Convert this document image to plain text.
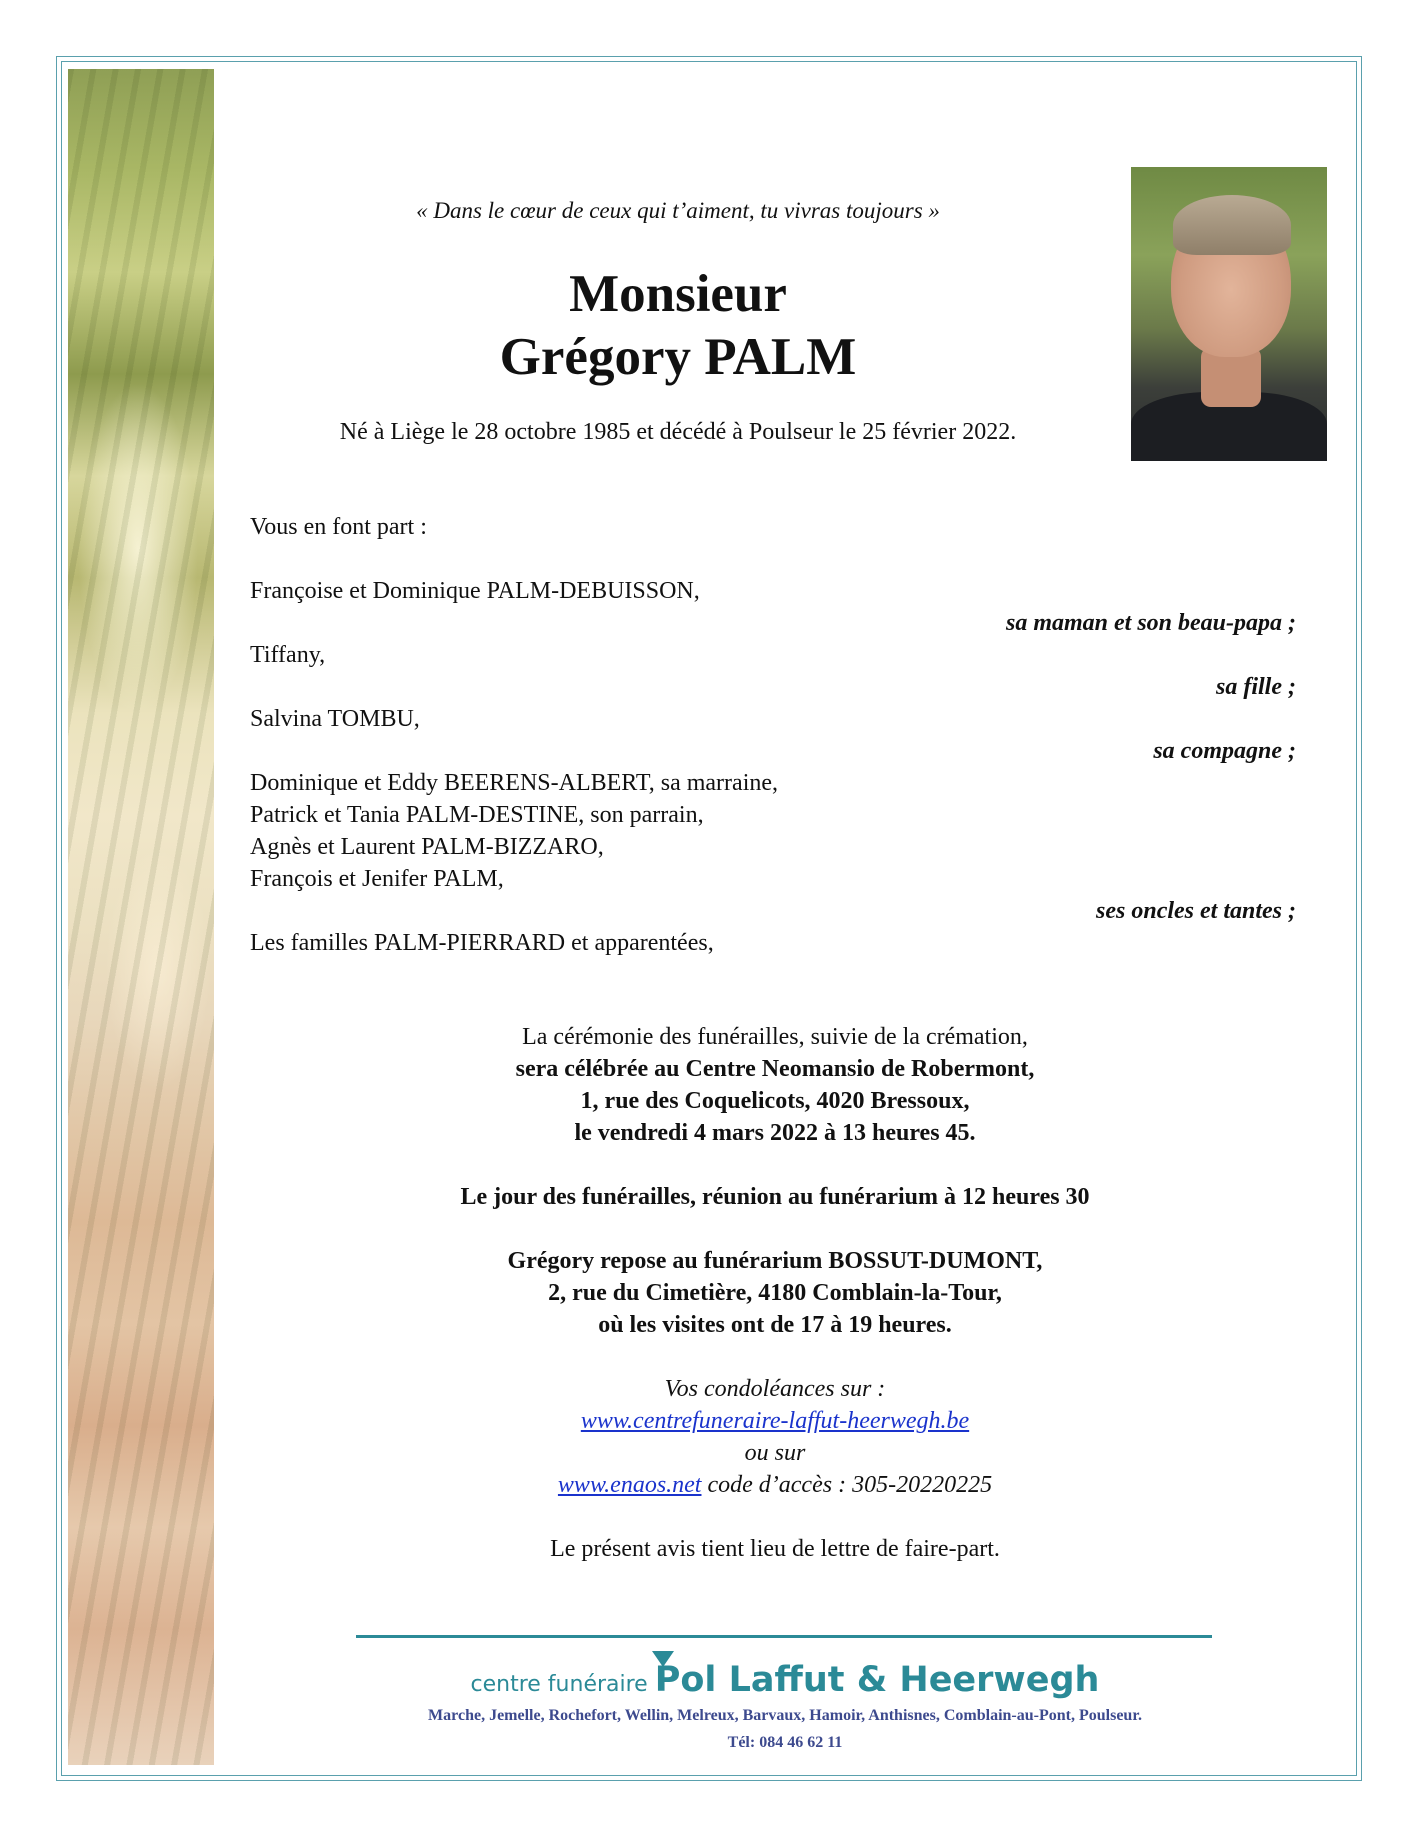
« Dans le cœur de ceux qui t’aiment, tu vivras toujours »
Monsieur
Grégory PALM
Né à Liège le 28 octobre 1985 et décédé à Poulseur le 25 février 2022.
Vous en font part :
Françoise et Dominique PALM-DEBUISSON,
sa maman et son beau-papa ;
Tiffany,
sa fille ;
Salvina TOMBU,
sa compagne ;
Dominique et Eddy BEERENS-ALBERT, sa marraine,
Patrick et Tania PALM-DESTINE, son parrain,
Agnès et Laurent PALM-BIZZARO,
François et Jenifer PALM,
ses oncles et tantes ;
Les familles PALM-PIERRARD et apparentées,
La cérémonie des funérailles, suivie de la crémation,
sera célébrée au Centre Neomansio de Robermont,
1, rue des Coquelicots, 4020 Bressoux,
le vendredi 4 mars 2022 à 13 heures 45.
Le jour des funérailles, réunion au funérarium à 12 heures 30
Grégory repose au funérarium BOSSUT-DUMONT,
2, rue du Cimetière, 4180 Comblain-la-Tour,
où les visites ont de 17 à 19 heures.
Vos condoléances sur :
www.centrefuneraire-laffut-heerwegh.be
ou sur
www.enaos.net code d’accès : 305-20220225
Le présent avis tient lieu de lettre de faire-part.
centre funéraire Pol Laffut & Heerwegh
Marche, Jemelle, Rochefort, Wellin, Melreux, Barvaux, Hamoir, Anthisnes, Comblain-au-Pont, Poulseur.
Tél: 084 46 62 11
